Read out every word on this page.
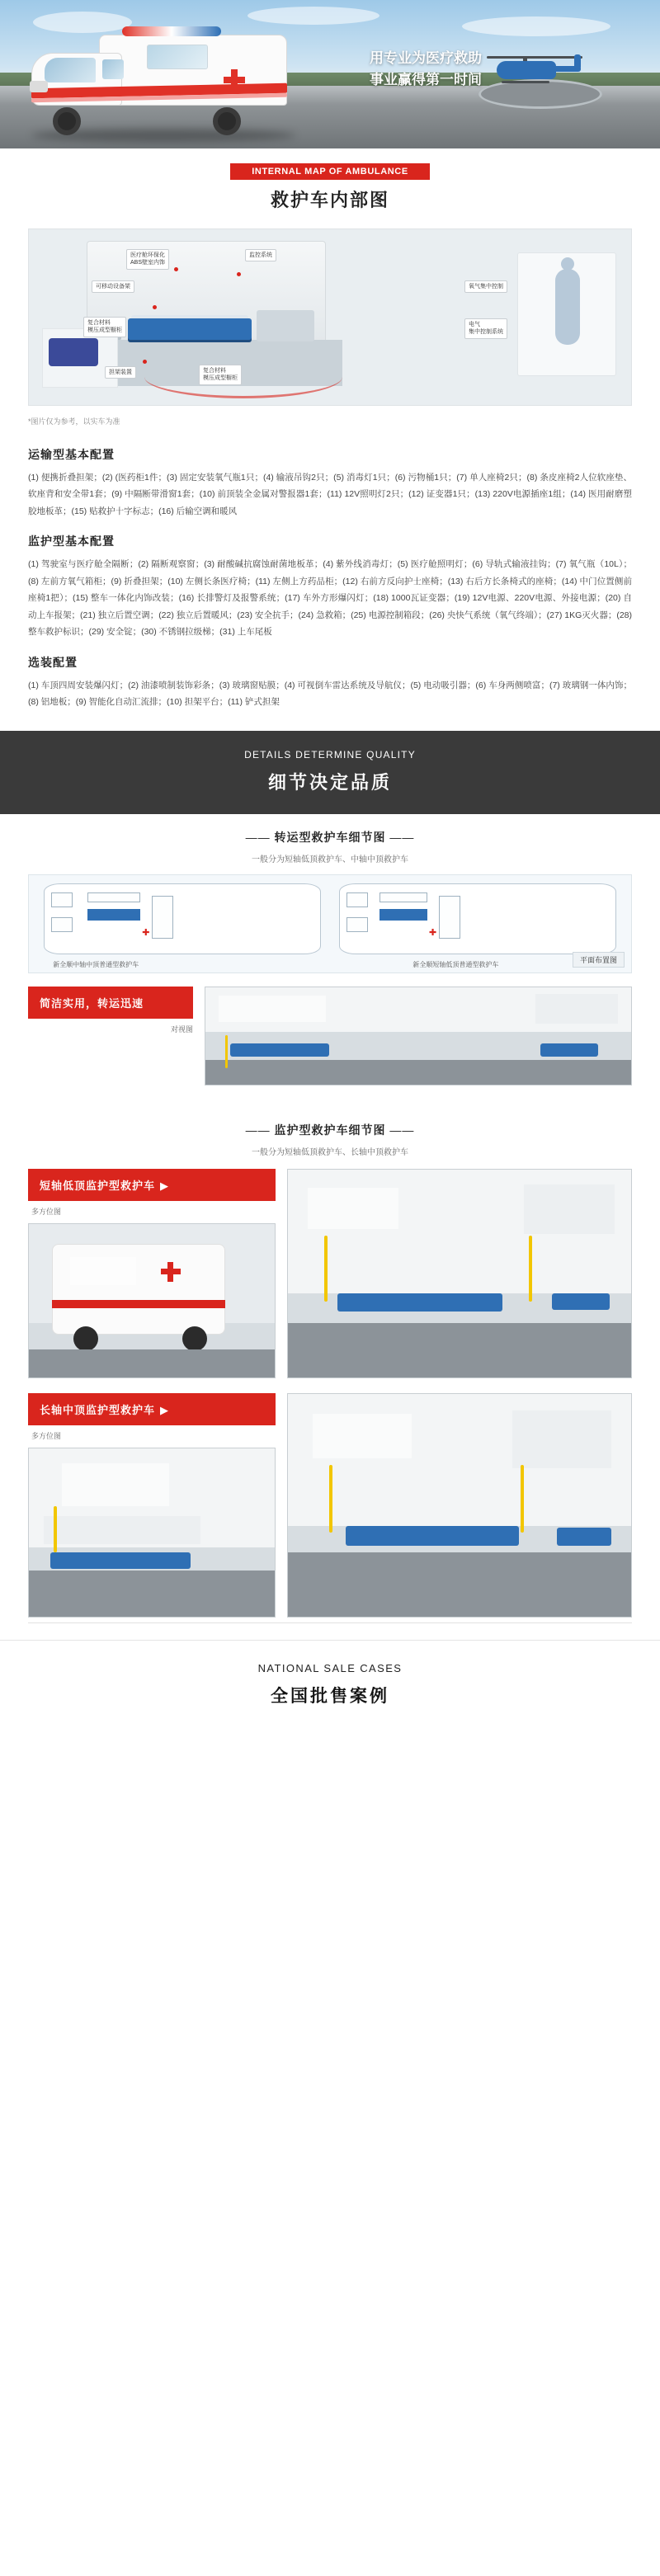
用专业为医疗救助
事业赢得第一时间
INTERNAL MAP OF AMBULANCE
救护车内部图
医疗舱环保化
ABS壁室内饰
监控系统
可移动设备架	氧气集中控制
复合材料
模压成型橱柜
电气
集中控制系统
担架装置	复合材料
模压成型橱柜
*图片仅为参考，以实车为准
运输型基本配置
(1) 便携折叠担架；(2) (医药柜1件；(3) 固定安装氧气瓶1只；(4) 输液吊钩2只；(5) 消毒灯1只；(6) 污物桶1只；(7) 单人座椅2只；(8) 条皮座椅2人位软座垫、软座背和安全带1套；(9) 中隔断带滑窗1套；(10) 前顶装全金属对警报器1套；(11) 12V照明灯2只；(12) 证变器1只；(13) 220V电源插座1组；(14) 医用耐磨塑胶地板革；(15) 贴救护十字标志；(16) 后输空调和暖风
监护型基本配置
(1) 驾驶室与医疗舱全隔断；(2) 隔断观察窗；(3) 耐酸碱抗腐蚀耐菌地板革；(4) 紫外线消毒灯；(5) 医疗舱照明灯；(6) 导轨式输液挂钩；(7) 氧气瓶（10L）；(8) 左前方氧气箱柜；(9) 折叠担架；(10) 左侧长条医疗椅；(11) 左侧上方药品柜；(12) 右前方反向护士座椅；(13) 右后方长条椅式的座椅；(14) 中门位置侧前座椅1把）；(15) 整车一体化内饰改装；(16) 长排警灯及报警系统；(17) 车外方形爆闪灯；(18) 1000瓦证变器；(19) 12V电源、220V电源、外接电源；(20) 自动上车报架；(21) 独立后置空调；(22) 独立后置暖风；(23) 安全抗手；(24) 急救箱；(25) 电源控制箱段；(26) 央快气系统（氧气终端）；(27) 1KG灭火器；(28) 整车救护标识；(29) 安全锭；(30) 不锈钢拉级梯；(31) 上车尾板
选装配置
(1) 车顶四周安装爆闪灯；(2) 油漆喷制装饰彩条；(3) 玻璃窗贴膜；(4) 可视倒车雷达系统及导航仪；(5) 电动吸引器；(6) 车身两侧喷富；(7) 玻璃钢一体内饰；(8) 铝地板；(9) 智能化自动汇流排；(10) 担架平台；(11) 铲式担架
DETAILS DETERMINE QUALITY
细节决定品质
—— 转运型救护车细节图 ——
一般分为短轴低顶救护车、中轴中顶救护车
✚	✚
新全顺中轴中顶普通型救护车	新全顺短轴低顶普通型救护车
平面布置图
简洁实用，转运迅速
对视图
—— 监护型救护车细节图 ——
一般分为短轴低顶救护车、长轴中顶救护车
短轴低顶监护型救护车 ▶
多方位图
长轴中顶监护型救护车 ▶
多方位图
NATIONAL SALE CASES
全国批售案例
